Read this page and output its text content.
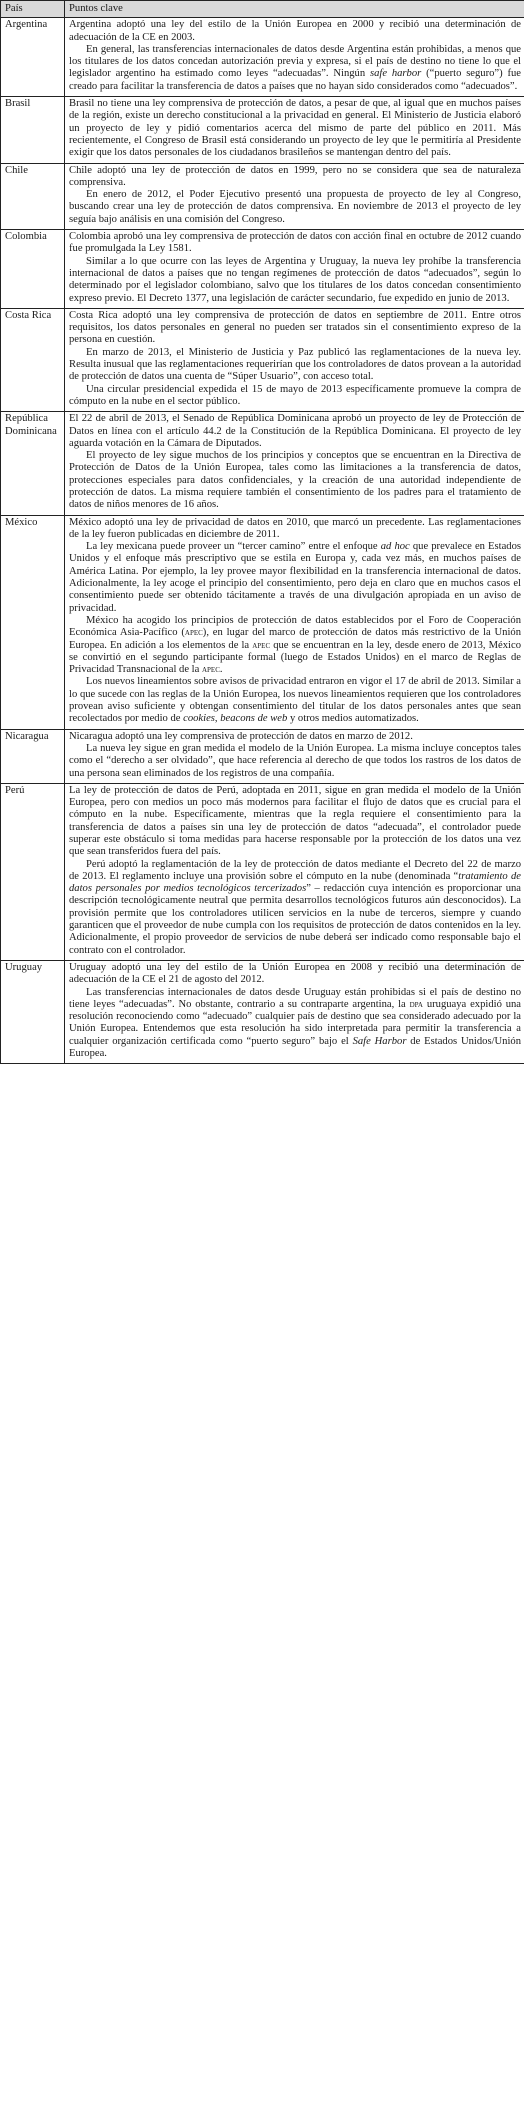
País	Puntos clave
Argentina	Argentina adoptó una ley del estilo de la Unión Europea en 2000 y recibió una determinación de adecuación de la CE en 2003.

En general, las transferencias internacionales de datos desde Argentina están prohibidas, a menos que los titulares de los datos concedan autorización previa y expresa, si el país de destino no tiene lo que el legislador argentino ha estimado como leyes “adecuadas”. Ningún safe harbor (“puerto seguro”) fue creado para facilitar la transferencia de datos a países que no hayan sido considerados como “adecuados”.

Brasil	Brasil no tiene una ley comprensiva de protección de datos, a pesar de que, al igual que en muchos países de la región, existe un derecho constitucional a la privacidad en general. El Ministerio de Justicia elaboró un proyecto de ley y pidió comentarios acerca del mismo de parte del público en 2011. Más recientemente, el Congreso de Brasil está considerando un proyecto de ley que le permitiría al Presidente exigir que los datos personales de los ciudadanos brasileños se mantengan dentro del país.

Chile	Chile adoptó una ley de protección de datos en 1999, pero no se considera que sea de naturaleza comprensiva.

En enero de 2012, el Poder Ejecutivo presentó una propuesta de proyecto de ley al Congreso, buscando crear una ley de protección de datos comprensiva. En noviembre de 2013 el proyecto de ley seguía bajo análisis en una comisión del Congreso.

Colombia	Colombia aprobó una ley comprensiva de protección de datos con acción final en octubre de 2012 cuando fue promulgada la Ley 1581.

Similar a lo que ocurre con las leyes de Argentina y Uruguay, la nueva ley prohíbe la transferencia internacional de datos a países que no tengan regímenes de protección de datos “adecuados”, según lo determinado por el legislador colombiano, salvo que los titulares de los datos concedan consentimiento expreso previo. El Decreto 1377, una legislación de carácter secundario, fue expedido en junio de 2013.

Costa Rica	Costa Rica adoptó una ley comprensiva de protección de datos en septiembre de 2011. Entre otros requisitos, los datos personales en general no pueden ser tratados sin el consentimiento expreso de la persona en cuestión.

En marzo de 2013, el Ministerio de Justicia y Paz publicó las reglamentaciones de la nueva ley. Resulta inusual que las reglamentaciones requerirían que los controladores de datos provean a la autoridad de protección de datos una cuenta de “Súper Usuario”, con acceso total.

Una circular presidencial expedida el 15 de mayo de 2013 específicamente promueve la compra de cómputo en la nube en el sector público.

República Dominicana	El 22 de abril de 2013, el Senado de República Dominicana aprobó un proyecto de ley de Protección de Datos en línea con el artículo 44.2 de la Constitución de la República Dominicana. El proyecto de ley aguarda votación en la Cámara de Diputados.

El proyecto de ley sigue muchos de los principios y conceptos que se encuentran en la Directiva de Protección de Datos de la Unión Europea, tales como las limitaciones a la transferencia de datos, protecciones especiales para datos confidenciales, y la creación de una autoridad independiente de protección de datos. La misma requiere también el consentimiento de los padres para el tratamiento de datos de niños menores de 16 años.

México	México adoptó una ley de privacidad de datos en 2010, que marcó un precedente. Las reglamentaciones de la ley fueron publicadas en diciembre de 2011.

La ley mexicana puede proveer un “tercer camino” entre el enfoque ad hoc que prevalece en Estados Unidos y el enfoque más prescriptivo que se estila en Europa y, cada vez más, en muchos países de América Latina. Por ejemplo, la ley provee mayor flexibilidad en la transferencia internacional de datos. Adicionalmente, la ley acoge el principio del consentimiento, pero deja en claro que en muchos casos el consentimiento puede ser obtenido tácitamente a través de una divulgación apropiada en un aviso de privacidad.

México ha acogido los principios de protección de datos establecidos por el Foro de Cooperación Económica Asia-Pacífico (apec), en lugar del marco de protección de datos más restrictivo de la Unión Europea. En adición a los elementos de la apec que se encuentran en la ley, desde enero de 2013, México se convirtió en el segundo participante formal (luego de Estados Unidos) en el marco de Reglas de Privacidad Transnacional de la apec.

Los nuevos lineamientos sobre avisos de privacidad entraron en vigor el 17 de abril de 2013. Similar a lo que sucede con las reglas de la Unión Europea, los nuevos lineamientos requieren que los controladores provean aviso suficiente y obtengan consentimiento del titular de los datos personales antes que sean recolectados por medio de cookies, beacons de web y otros medios automatizados.

Nicaragua	Nicaragua adoptó una ley comprensiva de protección de datos en marzo de 2012.

La nueva ley sigue en gran medida el modelo de la Unión Europea. La misma incluye conceptos tales como el “derecho a ser olvidado”, que hace referencia al derecho de que todos los rastros de los datos de una persona sean eliminados de los registros de una compañía.

Perú	La ley de protección de datos de Perú, adoptada en 2011, sigue en gran medida el modelo de la Unión Europea, pero con medios un poco más modernos para facilitar el flujo de datos que es crucial para el cómputo en la nube. Específicamente, mientras que la regla requiere el consentimiento para la transferencia de datos a países sin una ley de protección de datos “adecuada”, el controlador puede superar este obstáculo si toma medidas para hacerse responsable por la protección de los datos una vez que sean transferidos fuera del país.

Perú adoptó la reglamentación de la ley de protección de datos mediante el Decreto del 22 de marzo de 2013. El reglamento incluye una provisión sobre el cómputo en la nube (denominada “tratamiento de datos personales por medios tecnológicos tercerizados” – redacción cuya intención es proporcionar una descripción tecnológicamente neutral que permita desarrollos tecnológicos futuros aún desconocidos). La provisión permite que los controladores utilicen servicios en la nube de terceros, siempre y cuando garanticen que el proveedor de nube cumpla con los requisitos de protección de datos contenidos en la ley. Adicionalmente, el propio proveedor de servicios de nube deberá ser indicado como responsable bajo el contrato con el controlador.

Uruguay	Uruguay adoptó una ley del estilo de la Unión Europea en 2008 y recibió una determinación de adecuación de la CE el 21 de agosto del 2012.

Las transferencias internacionales de datos desde Uruguay están prohibidas si el país de destino no tiene leyes “adecuadas”. No obstante, contrario a su contraparte argentina, la dpa uruguaya expidió una resolución reconociendo como “adecuado” cualquier país de destino que sea considerado adecuado por la Unión Europea. Entendemos que esta resolución ha sido interpretada para permitir la transferencia a cualquier organización certificada como “puerto seguro” bajo el Safe Harbor de Estados Unidos/Unión Europea.
